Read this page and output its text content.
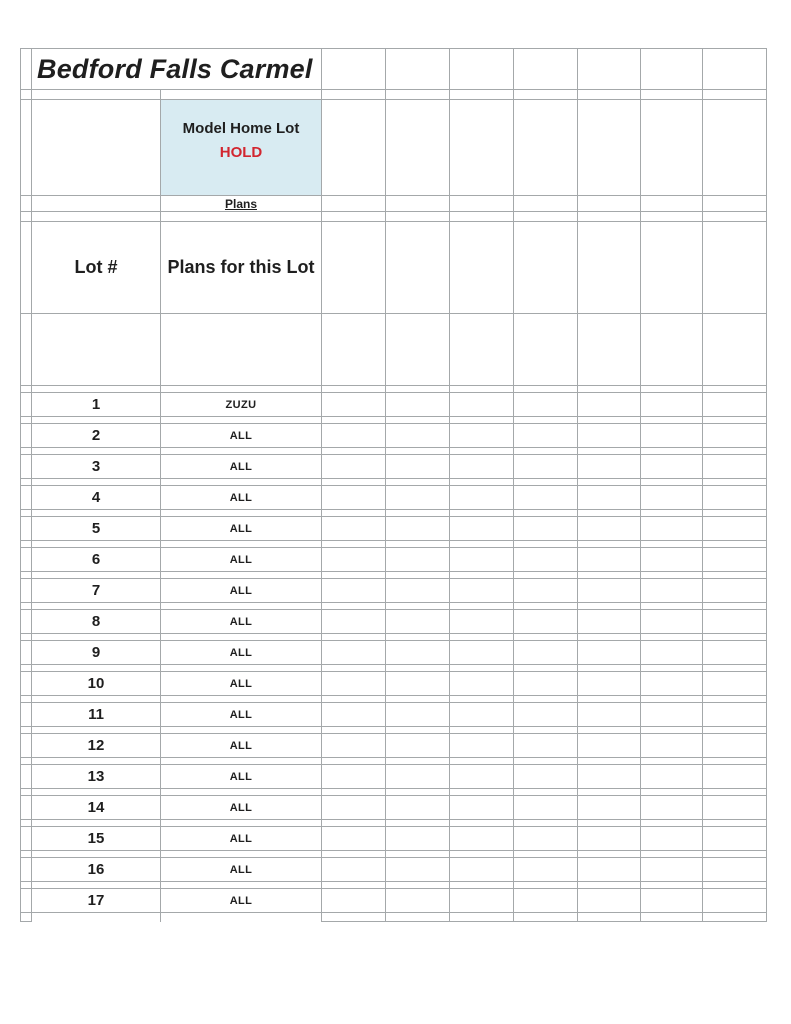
	Bedford Falls Carmel								

		Model Home Lot
HOLD							

		Plans							

	Lot #	Plans for this Lot							

	1	ZUZU							

	2	ALL							

	3	ALL							

	4	ALL							

	5	ALL							

	6	ALL							

	7	ALL							

	8	ALL							

	9	ALL							

	10	ALL							

	11	ALL							

	12	ALL							

	13	ALL							

	14	ALL							

	15	ALL							

	16	ALL							

	17	ALL							
